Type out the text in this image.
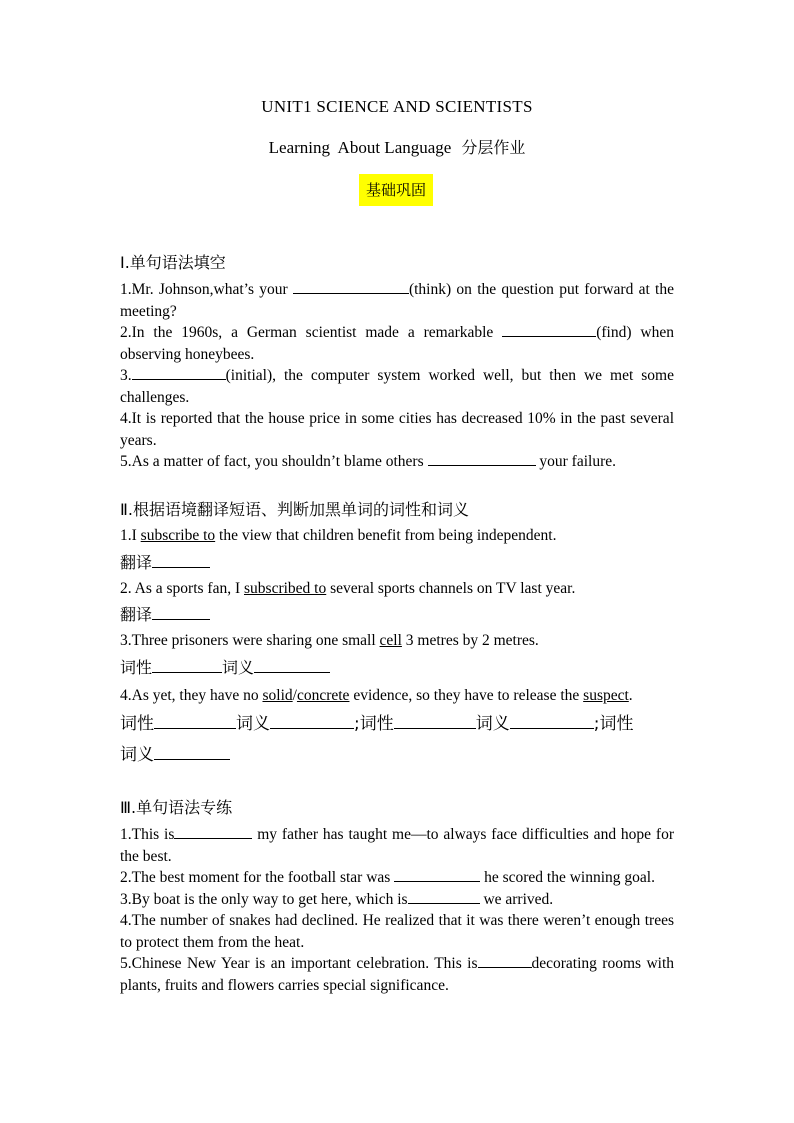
UNIT1 SCIENCE AND SCIENTISTS
Learning  About Language 分层作业
基础巩固

Ⅰ.单句语法填空

1.Mr. Johnson,what’s your	(think) on the question put forward at the meeting?

2.In the 1960s, a German scientist made a remarkable	(find) when observing honeybees.

3.	(initial), the computer system worked well, but then we met some challenges.

4.It is reported that the house price in some cities has decreased 10% in the past several years.

5.As a matter of fact, you shouldn’t blame others	your failure.

Ⅱ.根据语境翻译短语、判断加黑单词的词性和词义

1.I subscribe to the view that children benefit from being independent.

翻译

2. As a sports fan, I subscribed to several sports channels on TV last year.

翻译

3.Three prisoners were sharing one small cell 3 metres by 2 metres.

词性	词义

4.As yet, they have no solid/concrete evidence, so they have to release the suspect.

词性	词义	;词性	词义	;词性

词义

Ⅲ.单句语法专练

1.This is	my father has taught me—to always face difficulties and hope for the best.

2.The best moment for the football star was	he scored the winning goal.

3.By boat is the only way to get here, which is	we arrived.

4.The number of snakes had declined. He realized that it was there weren’t enough trees to protect them from the heat.

5.Chinese New Year is an important celebration. This is	decorating rooms with plants, fruits and flowers carries special significance.
